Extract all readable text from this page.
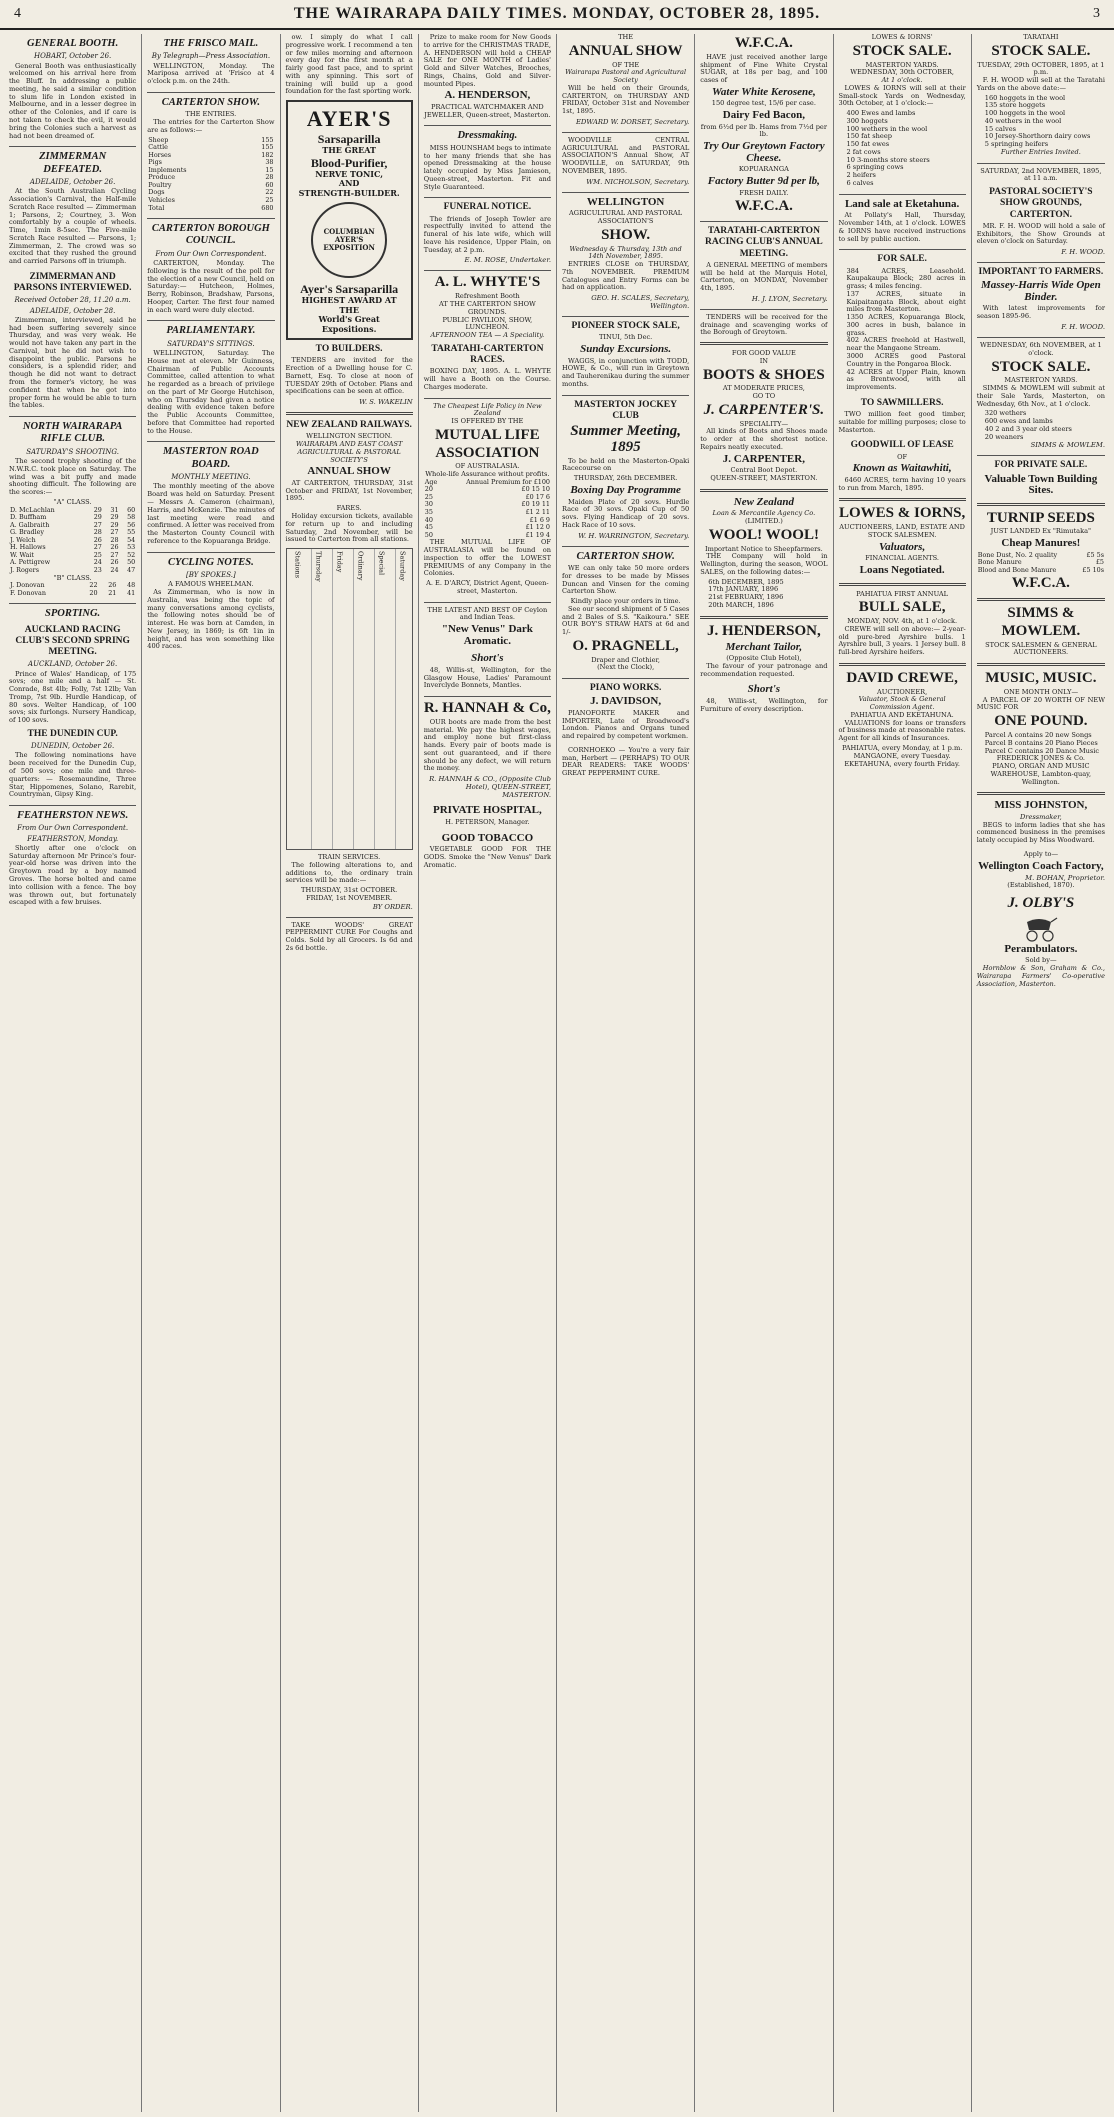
4	THE WAIRARAPA DAILY TIMES. MONDAY, OCTOBER 28, 1895.	3
GENERAL BOOTH.
HOBART, October 26.

General Booth was enthusiastically welcomed on his arrival here from the Bluff. In addressing a public meeting, he said a similar condition to slum life in London existed in Melbourne, and in a lesser degree in other of the Colonies, and if care is not taken to check the evil, it would bring the Colonies such a harvest as had not been dreamed of.

ZIMMERMAN DEFEATED.
ADELAIDE, October 26.

At the South Australian Cycling Association's Carnival, the Half-mile Scratch Race resulted — Zimmerman 1; Parsons, 2; Courtney, 3. Won comfortably by a couple of wheels. Time, 1min 8-5sec. The Five-mile Scratch Race resulted — Parsons, 1; Zimmerman, 2. The crowd was so excited that they rushed the ground and carried Parsons off in triumph.

ZIMMERMAN AND PARSONS INTERVIEWED.
Received October 28, 11.20 a.m.
ADELAIDE, October 28.

Zimmerman, interviewed, said he had been suffering severely since Thursday, and was very weak. He would not have taken any part in the Carnival, but he did not wish to disappoint the public. Parsons he considers, is a splendid rider, and though he did not want to detract from the former's victory, he was confident that when he got into proper form he would be able to turn the tables.

NORTH WAIRARAPA RIFLE CLUB.
SATURDAY'S SHOOTING.

The second trophy shooting of the N.W.R.C. took place on Saturday. The wind was a bit puffy and made shooting difficult. The following are the scores:—

"A" CLASS.
D. McLachlan	29	31	60
D. Buffham	29	29	58
A. Galbraith	27	29	56
G. Bradley	28	27	55
J. Welch	26	28	54
H. Hallows	27	26	53
W. Wait	25	27	52
A. Pettigrew	24	26	50
J. Rogers	23	24	47
"B" CLASS.
J. Donovan	22	26	48
F. Donovan	20	21	41
SPORTING.
AUCKLAND RACING CLUB'S SECOND SPRING MEETING.
AUCKLAND, October 26.

Prince of Wales' Handicap, of 175 sovs; one mile and a half — St. Conrade, 8st 4lb; Folly, 7st 12lb; Van Tromp, 7st 9lb. Hurdle Handicap, of 80 sovs. Welter Handicap, of 100 sovs; six furlongs. Nursery Handicap, of 100 sovs.

THE DUNEDIN CUP.
DUNEDIN, October 26.

The following nominations have been received for the Dunedin Cup, of 500 sovs; one mile and three-quarters: — Rosemaundine, Three Star, Hippomenes, Solano, Rarebit, Countryman, Gipsy King.

FEATHERSTON NEWS.
From Our Own Correspondent.
FEATHERSTON, Monday.

Shortly after one o'clock on Saturday afternoon Mr Prince's four-year-old horse was driven into the Greytown road by a boy named Groves. The horse bolted and came into collision with a fence. The boy was thrown out, but fortunately escaped with a few bruises.

THE FRISCO MAIL.
By Telegraph—Press Association.

WELLINGTON, Monday. The Mariposa arrived at 'Frisco at 4 o'clock p.m. on the 24th.

CARTERTON SHOW.
THE ENTRIES.

The entries for the Carterton Show are as follows:—

Sheep	155
Cattle	155
Horses	182
Pigs	38
Implements	15
Produce	28
Poultry	60
Dogs	22
Vehicles	25
Total	680
CARTERTON BOROUGH COUNCIL.
From Our Own Correspondent.

CARTERTON, Monday. The following is the result of the poll for the election of a new Council, held on Saturday:— Hutcheon, Holmes, Berry, Robinson, Bradshaw, Parsons, Hooper, Carter. The first four named in each ward were duly elected.

PARLIAMENTARY.
SATURDAY'S SITTINGS.

WELLINGTON, Saturday. The House met at eleven. Mr Guinness, Chairman of Public Accounts Committee, called attention to what he regarded as a breach of privilege on the part of Mr George Hutchison, who on Thursday had given a notice dealing with evidence taken before the Public Accounts Committee, before that Committee had reported to the House.

MASTERTON ROAD BOARD.
MONTHLY MEETING.

The monthly meeting of the above Board was held on Saturday. Present — Messrs A. Cameron (chairman), Harris, and McKenzie. The minutes of last meeting were read and confirmed. A letter was received from the Masterton County Council with reference to the Kopuaranga Bridge.

CYCLING NOTES.
[BY SPOKES.]
A FAMOUS WHEELMAN.

As Zimmerman, who is now in Australia, was being the topic of many conversations among cyclists, the following notes should be of interest. He was born at Camden, in New Jersey, in 1869; is 6ft 1in in height, and has won something like 400 races.

ow. I simply do what I call progressive work. I recommend a ten or few miles morning and afternoon every day for the first month at a fairly good fast pace, and to sprint with any spinning. This sort of training will build up a good foundation for the fast sporting work.

AYER'S
Sarsaparilla
THE GREAT
Blood-Purifier,
NERVE TONIC,
AND
STRENGTH-BUILDER.
COLUMBIAN AYER'S EXPOSITION
Ayer's Sarsaparilla
HIGHEST AWARD AT THE
World's Great Expositions.
TO BUILDERS.

TENDERS are invited for the Erection of a Dwelling house for C. Barnett, Esq. To close at noon of TUESDAY 29th of October. Plans and specifications can be seen at office.

W. S. WAKELIN
NEW ZEALAND RAILWAYS.
WELLINGTON SECTION.
WAIRARAPA AND EAST COAST AGRICULTURAL & PASTORAL SOCIETY'S
ANNUAL SHOW

AT CARTERTON, THURSDAY, 31st October and FRIDAY, 1st November, 1895.

FARES.

Holiday excursion tickets, available for return up to and including Saturday, 2nd November, will be issued to Carterton from all stations.

Stations	Thursday	Friday	Ordinary	Special	Saturday
TRAIN SERVICES.

The following alterations to, and additions to, the ordinary train services will be made:—

THURSDAY, 31st OCTOBER.
FRIDAY, 1st NOVEMBER.
BY ORDER.

TAKE WOODS' GREAT PEPPERMINT CURE For Coughs and Colds. Sold by all Grocers. Is 6d and 2s 6d bottle.

Prize to make room for New Goods to arrive for the CHRISTMAS TRADE, A. HENDERSON will hold a CHEAP SALE for ONE MONTH of Ladies' Gold and Silver Watches, Brooches, Rings, Chains, Gold and Silver-mounted Pipes.

A. HENDERSON,
PRACTICAL WATCHMAKER AND JEWELLER, Queen-street, Masterton.
Dressmaking.

MISS HOUNSHAM begs to intimate to her many friends that she has opened Dressmaking at the house lately occupied by Miss Jamieson, Queen-street, Masterton. Fit and Style Guaranteed.

FUNERAL NOTICE.

The friends of Joseph Towler are respectfully invited to attend the funeral of his late wife, which will leave his residence, Upper Plain, on Tuesday, at 2 p.m.

E. M. ROSE, Undertaker.
A. L. WHYTE'S
Refreshment Booth
AT THE CARTERTON SHOW GROUNDS.
PUBLIC PAVILION, SHOW, LUNCHEON.
AFTERNOON TEA — A Speciality.
TARATAHI-CARTERTON RACES.

BOXING DAY, 1895. A. L. WHYTE will have a Booth on the Course. Charges moderate.

The Cheapest Life Policy in New Zealand
IS OFFERED BY THE
MUTUAL LIFE
ASSOCIATION
OF AUSTRALASIA.
Whole-life Assurance without profits.
Age	Annual Premium for £100
20	£0 15 10
25	£0 17 6
30	£0 19 11
35	£1 2 11
40	£1 6 9
45	£1 12 0
50	£1 19 4

THE MUTUAL LIFE OF AUSTRALASIA will be found on inspection to offer the LOWEST PREMIUMS of any Company in the Colonies.

A. E. D'ARCY, District Agent, Queen-street, Masterton.
THE LATEST AND BEST OF Ceylon and Indian Teas.
"New Venus" Dark Aromatic.
Short's

48, Willis-st, Wellington, for the Glasgow House, Ladies' Paramount Inverclyde Bonnets, Mantles.

R. HANNAH & Co,

OUR boots are made from the best material. We pay the highest wages, and employ none but first-class hands. Every pair of boots made is sent out guaranteed, and if there should be any defect, we will return the money.

R. HANNAH & CO., (Opposite Club Hotel), QUEEN-STREET, MASTERTON.
PRIVATE HOSPITAL,
H. PETERSON, Manager.
GOOD TOBACCO

VEGETABLE GOOD FOR THE GODS. Smoke the "New Venus" Dark Aromatic.

THE
ANNUAL SHOW
OF THE
Wairarapa Pastoral and Agricultural Society

Will be held on their Grounds, CARTERTON, on THURSDAY AND FRIDAY, October 31st and November 1st, 1895.

EDWARD W. DORSET, Secretary.

WOODVILLE CENTRAL AGRICULTURAL and PASTORAL ASSOCIATION'S Annual Show, AT WOODVILLE, on SATURDAY, 9th NOVEMBER, 1895.

WM. NICHOLSON, Secretary.
WELLINGTON
AGRICULTURAL AND PASTORAL ASSOCIATION'S
SHOW.
Wednesday & Thursday, 13th and 14th November, 1895.

ENTRIES CLOSE on THURSDAY, 7th NOVEMBER. PREMIUM Catalogues and Entry Forms can be had on application.

GEO. H. SCALES, Secretary, Wellington.
PIONEER STOCK SALE,
TINUI, 5th Dec.
Sunday Excursions.

WAGGS, in conjunction with TODD, HOWE, & Co., will run in Greytown and Tauherenikau during the summer months.

MASTERTON JOCKEY CLUB
Summer Meeting, 1895

To be held on the Masterton-Opaki Racecourse on

THURSDAY, 26th DECEMBER.
Boxing Day Programme

Maiden Plate of 20 sovs. Hurdle Race of 30 sovs. Opaki Cup of 50 sovs. Flying Handicap of 20 sovs. Hack Race of 10 sovs.

W. H. WARRINGTON, Secretary.
CARTERTON SHOW.

WE can only take 50 more orders for dresses to be made by Misses Duncan and Vinsen for the coming Carterton Show.

Kindly place your orders in time.

See our second shipment of 5 Cases and 2 Bales of S.S. "Kaikoura." SEE OUR BOY'S STRAW HATS at 6d and 1/-

O. PRAGNELL,
Draper and Clothier,
(Next the Clock),
PIANO WORKS.
J. DAVIDSON,

PIANOFORTE MAKER and IMPORTER, Late of Broadwood's London. Pianos and Organs tuned and repaired by competent workmen.

CORNHOEKO — You're a very fair man, Herbert — (PERHAPS) TO OUR DEAR READERS: TAKE WOODS' GREAT PEPPERMINT CURE.

W.F.C.A.

HAVE just received another large shipment of Fine White Crystal SUGAR, at 18s per bag, and 100 cases of

Water White Kerosene,
150 degree test, 15/6 per case.
Dairy Fed Bacon,
from 6½d per lb. Hams from 7½d per lb.
Try Our Greytown Factory Cheese.
KOPUARANGA
Factory Butter 9d per lb,
FRESH DAILY.
W.F.C.A.
TARATAHI-CARTERTON RACING CLUB'S ANNUAL MEETING.

A GENERAL MEETING of members will be held at the Marquis Hotel, Carterton, on MONDAY, November 4th, 1895.

H. J. LYON, Secretary.

TENDERS will be received for the drainage and scavenging works of the Borough of Greytown.

FOR GOOD VALUE
IN
BOOTS & SHOES
AT MODERATE PRICES,
GO TO
J. CARPENTER'S.
SPECIALITY—

All kinds of Boots and Shoes made to order at the shortest notice. Repairs neatly executed.

J. CARPENTER,
Central Boot Depot.
QUEEN-STREET, MASTERTON.
New Zealand
Loan & Mercantile Agency Co.
(LIMITED.)
WOOL! WOOL!
Important Notice to Sheepfarmers.

THE Company will hold in Wellington, during the season, WOOL SALES, on the following dates:—

6th DECEMBER, 1895
17th JANUARY, 1896
21st FEBRUARY, 1896
20th MARCH, 1896
J. HENDERSON,
Merchant Tailor,
(Opposite Club Hotel),

The favour of your patronage and recommendation requested.

Short's

48, Willis-st, Wellington, for Furniture of every description.

LOWES & IORNS'
STOCK SALE.
MASTERTON YARDS.
WEDNESDAY, 30th OCTOBER,
At 1 o'clock.

LOWES & IORNS will sell at their Small-stock Yards on Wednesday, 30th October, at 1 o'clock:—

400 Ewes and lambs
300 hoggets
100 wethers in the wool
150 fat sheep
150 fat ewes
2 fat cows
10 3-months store steers
6 springing cows
2 heifers
6 calves
Land sale at Eketahuna.

At Pollaty's Hall, Thursday, November 14th, at 1 o'clock. LOWES & IORNS have received instructions to sell by public auction.

FOR SALE.
384 ACRES, Leasehold. Kaupakaupa Block; 280 acres in grass; 4 miles fencing.
137 ACRES, situate in Kaipaitangata Block, about eight miles from Masterton.
1350 ACRES, Kopuaranga Block, 300 acres in bush, balance in grass.
402 ACRES freehold at Hastwell, near the Mangaone Stream.
3000 ACRES good Pastoral Country in the Pongaroa Block.
42 ACRES at Upper Plain, known as Brentwood, with all improvements.
TO SAWMILLERS.

TWO million feet good timber, suitable for milling purposes; close to Masterton.

GOODWILL OF LEASE
OF
Known as Waitawhiti,

6460 ACRES, term having 10 years to run from March, 1895.

LOWES & IORNS,
AUCTIONEERS, LAND, ESTATE AND STOCK SALESMEN.
Valuators,
FINANCIAL AGENTS.
Loans Negotiated.
PAHIATUA FIRST ANNUAL
BULL SALE,
MONDAY, NOV. 4th, at 1 o'clock.

CREWE will sell on above:— 2-year-old pure-bred Ayrshire bulls. 1 Ayrshire bull, 3 years. 1 Jersey bull. 8 full-bred Ayrshire heifers.

DAVID CREWE,
AUCTIONEER,
Valuator, Stock & General Commission Agent.
PAHIATUA AND EKETAHUNA.

VALUATIONS for loans or transfers of business made at reasonable rates. Agent for all kinds of Insurances.

PAHIATUA, every Monday, at 1 p.m.
MANGAONE, every Tuesday.
EKETAHUNA, every fourth Friday.
TARATAHI
STOCK SALE.
TUESDAY, 29th OCTOBER, 1895, at 1 p.m.

F. H. WOOD will sell at the Taratahi Yards on the above date:—

160 hoggets in the wool
135 store hoggets
100 hoggets in the wool
40 wethers in the wool
15 calves
10 Jersey-Shorthorn dairy cows
5 springing heifers
Further Entries Invited.
SATURDAY, 2nd NOVEMBER, 1895, at 11 a.m.
PASTORAL SOCIETY'S SHOW GROUNDS, CARTERTON.

MR. F. H. WOOD will hold a sale of Exhibitors, the Show Grounds at eleven o'clock on Saturday.

F. H. WOOD.
IMPORTANT TO FARMERS.
Massey-Harris Wide Open Binder.

With latest improvements for season 1895-96.

F. H. WOOD.
WEDNESDAY, 6th NOVEMBER, at 1 o'clock.
STOCK SALE.
MASTERTON YARDS.

SIMMS & MOWLEM will submit at their Sale Yards, Masterton, on Wednesday, 6th Nov., at 1 o'clock.

320 wethers
600 ewes and lambs
40 2 and 3 year old steers
20 weaners
SIMMS & MOWLEM.
FOR PRIVATE SALE.
Valuable Town Building Sites.
TURNIP SEEDS
JUST LANDED Ex "Rimutaka"
Cheap Manures!
Bone Dust, No. 2 quality	£5 5s
Bone Manure	£5
Blood and Bone Manure	£5 10s
W.F.C.A.
SIMMS &
MOWLEM.
STOCK SALESMEN & GENERAL AUCTIONEERS.
MUSIC, MUSIC.
ONE MONTH ONLY—

A PARCEL OF 20 WORTH OF NEW MUSIC FOR

ONE POUND.
Parcel A contains 20 new Songs
Parcel B contains 20 Piano Pieces
Parcel C contains 20 Dance Music
FREDERICK JONES & Co.
PIANO, ORGAN AND MUSIC WAREHOUSE, Lambton-quay, Wellington.
MISS JOHNSTON,
Dressmaker,

BEGS to inform ladies that she has commenced business in the premises lately occupied by Miss Woodward.

Apply to—
Wellington Coach Factory,
M. BOHAN, Proprietor.
(Established, 1870).
J. OLBY'S
Perambulators.
Sold by—

Hornblow & Son, Graham & Co., Wairarapa Farmers' Co-operative Association, Masterton.
